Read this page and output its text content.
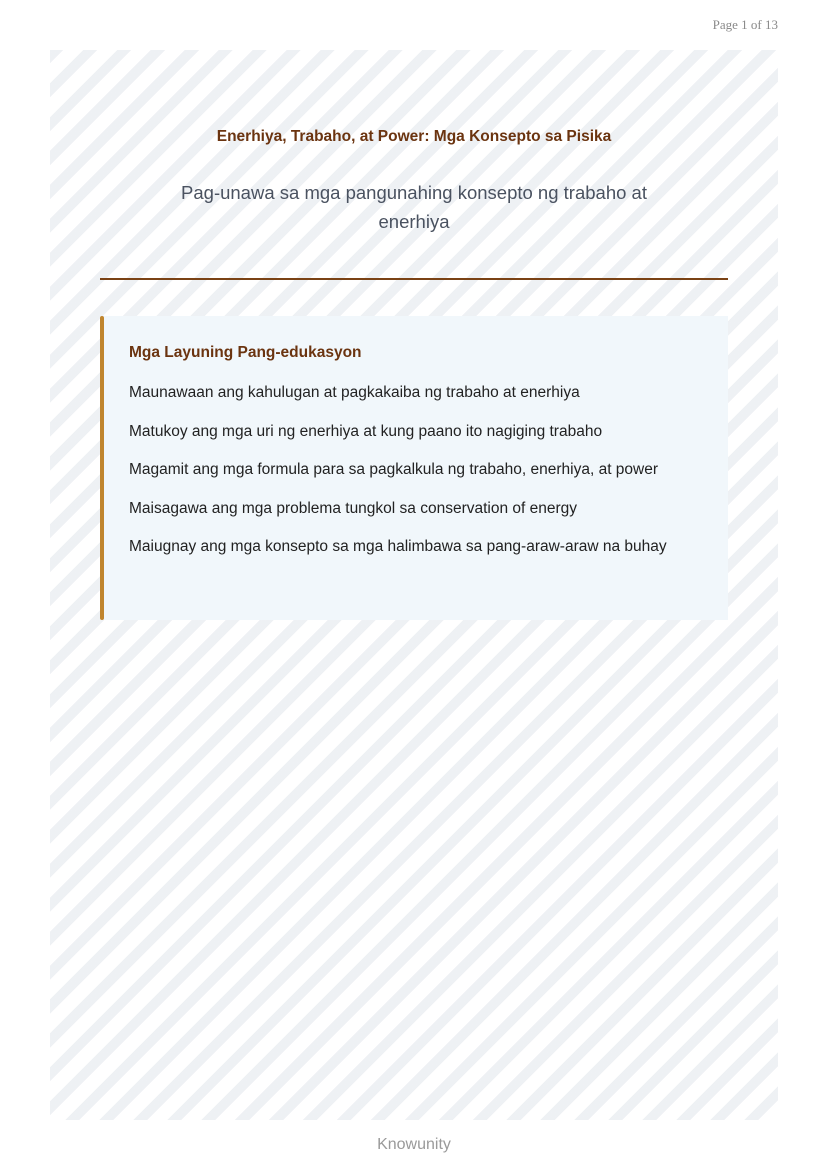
Page 1 of 13
Enerhiya, Trabaho, at Power: Mga Konsepto sa Pisika
Pag-unawa sa mga pangunahing konsepto ng trabaho at enerhiya
Mga Layuning Pang-edukasyon
Maunawaan ang kahulugan at pagkakaiba ng trabaho at enerhiya
Matukoy ang mga uri ng enerhiya at kung paano ito nagiging trabaho
Magamit ang mga formula para sa pagkalkula ng trabaho, enerhiya, at power
Maisagawa ang mga problema tungkol sa conservation of energy
Maiugnay ang mga konsepto sa mga halimbawa sa pang-araw-araw na buhay
Knowunity
